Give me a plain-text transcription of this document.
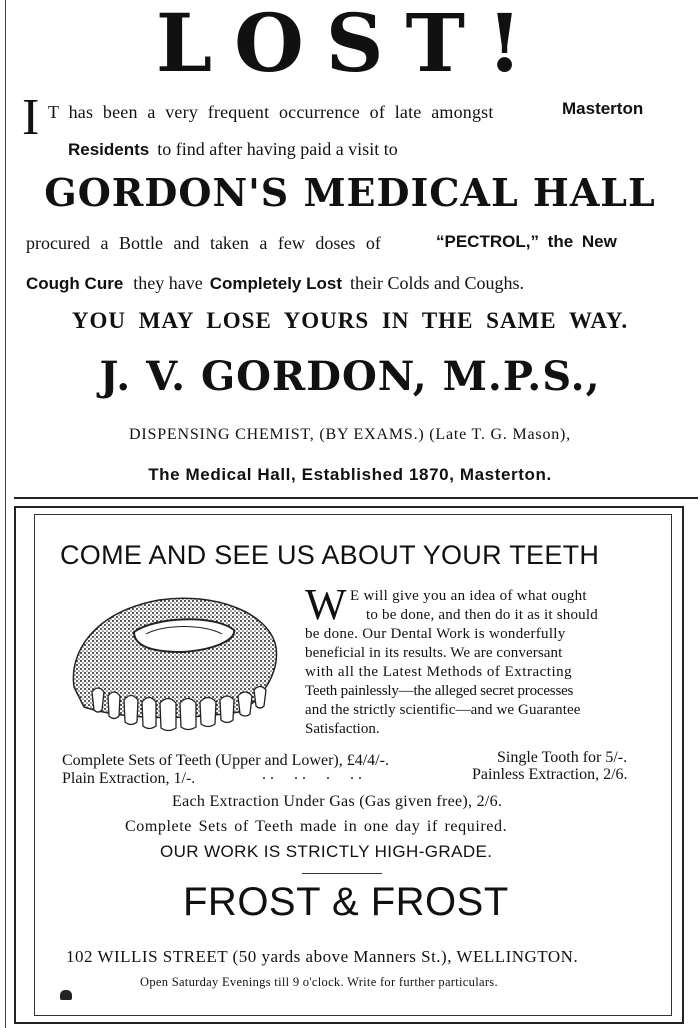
LOST!
I T has been a very frequent occurrence of late amongst	Masterton
Residents to find after having paid a visit to
GORDON'S MEDICAL HALL
procured a Bottle and taken a few doses of	“PECTROL,” the New
Cough Cure they have Completely Lost their Colds and Coughs.
YOU MAY LOSE YOURS IN THE SAME WAY.
J. V. GORDON, M.P.S.,
DISPENSING CHEMIST, (BY EXAMS.) (Late T. G. Mason),
The Medical Hall, Established 1870, Masterton.
COME AND SEE US ABOUT YOUR TEETH
W E will give you an idea of what ought
to be done, and then do it as it should
be done. Our Dental Work is wonderfully
beneficial in its results. We are conversant
with all the Latest Methods of Extracting
Teeth painlessly—the alleged secret processes
and the strictly scientific—and we Guarantee
Satisfaction.
Complete Sets of Teeth (Upper and Lower), £4/4/-.	Single Tooth for 5/-.
Plain Extraction, 1/-.	. .     . .     .     . .	Painless Extraction, 2/6.
Each Extraction Under Gas (Gas given free), 2/6.
Complete Sets of Teeth made in one day if required.
OUR WORK IS STRICTLY HIGH-GRADE.
FROST & FROST
102 WILLIS STREET (50 yards above Manners St.), WELLINGTON.
Open Saturday Evenings till 9 o'clock. Write for further particulars.
